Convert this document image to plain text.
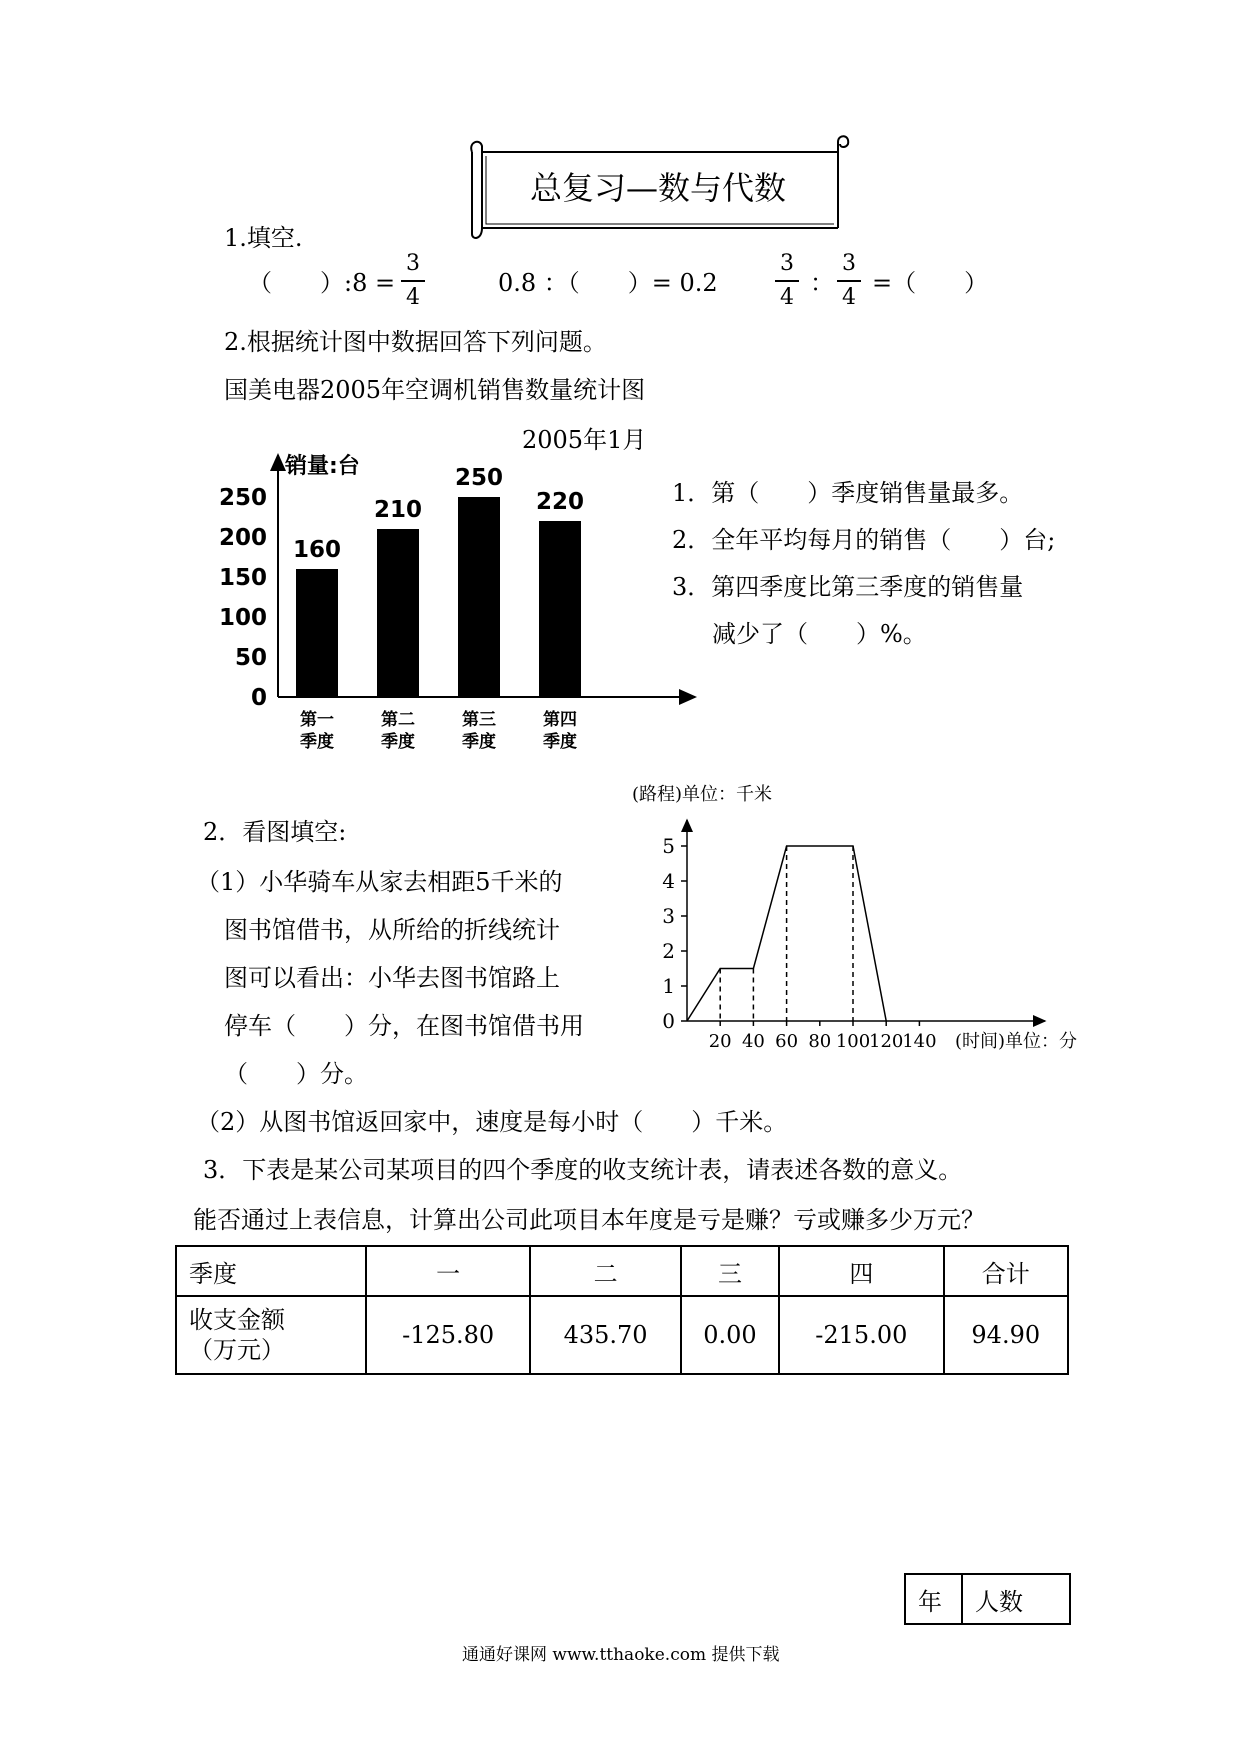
总复习—数与代数
1.填空.
（　　）:8 =
3
4
0.8 ：（　　）= 0.2
3
4
：
3
4
=（　　）
2.根据统计图中数据回答下列问题。
国美电器2005年空调机销售数量统计图
2005年1月
0
50
100
150
200
250
160
210
250
220
第一
季度
第二
季度
第三
季度
第四
季度
销量:台
1．第（　　）季度销售量最多。
2．全年平均每月的销售（　　）台;
3．第四季度比第三季度的销售量
减少了（　　）%。
2．看图填空:
（1）小华骑车从家去相距5千米的
图书馆借书，从所给的折线统计
图可以看出：小华去图书馆路上
停车（　　）分，在图书馆借书用
（　　）分。
（2）从图书馆返回家中，速度是每小时（　　）千米。
(路程)单位：千米
0
1
2
3
4
5
20 40 60 80 100
120
140 (时间)单位：分
3．下表是某公司某项目的四个季度的收支统计表，请表述各数的意义。
能否通过上表信息，计算出公司此项目本年度是亏是赚？亏或赚多少万元？
季度	一	二	三	四	合计

收支金额
（万元）	-125.80	435.70	0.00	-215.00	94.90
年	人数
通通好课网 www.tthaoke.com 提供下载
